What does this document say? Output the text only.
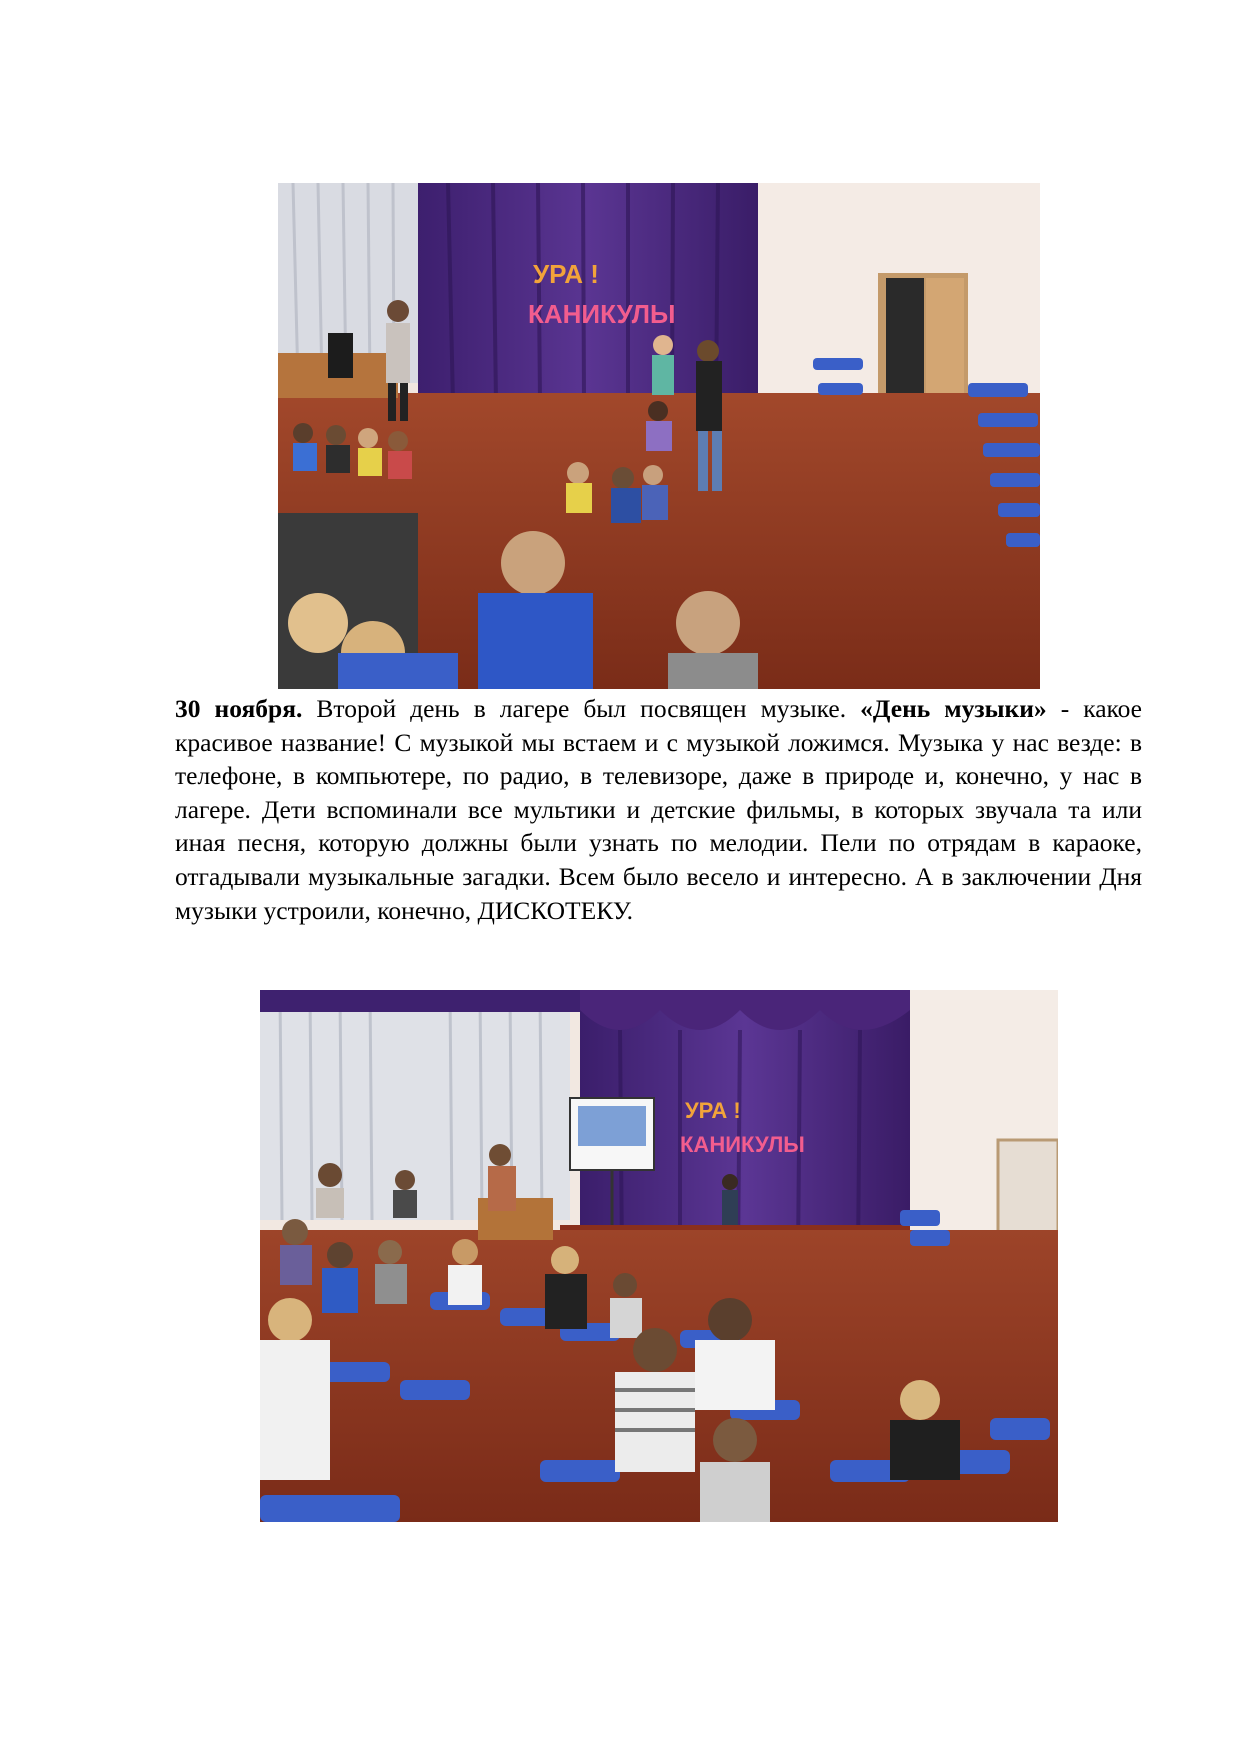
УРА !
КАНИКУЛЫ
30 ноября. Второй день в лагере был посвящен музыке. «День музыки» - какое красивое название! С музыкой мы встаем и с музыкой ложимся. Музыка у нас везде: в телефоне, в компьютере, по радио, в телевизоре, даже в природе и, конечно, у нас в лагере. Дети вспоминали все мультики и детские фильмы, в которых звучала та или иная песня, которую должны были узнать по мелодии. Пели по отрядам в караоке, отгадывали музыкальные загадки. Всем было весело и интересно. А в заключении Дня музыки устроили, конечно, ДИСКОТЕКУ.
УРА !
КАНИКУЛЫ
